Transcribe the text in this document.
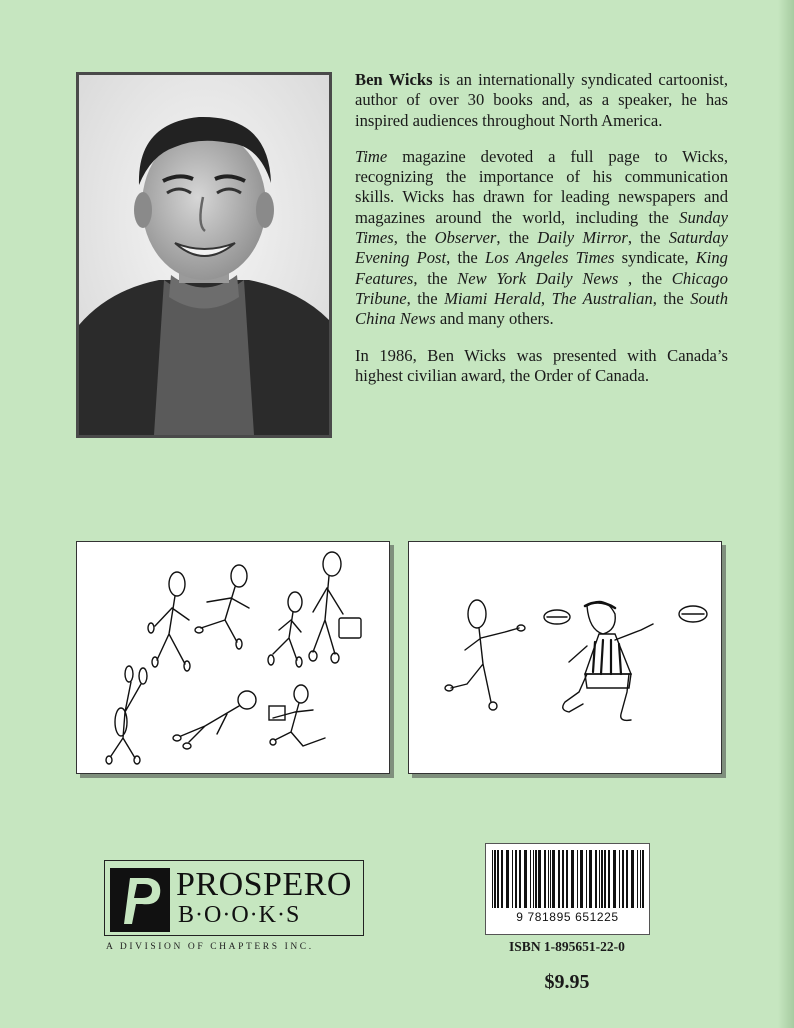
Ben Wicks is an internationally syndicated cartoonist, author of over 30 books and, as a speaker, he has inspired audiences throughout North America.

Time magazine devoted a full page to Wicks, recognizing the importance of his communication skills. Wicks has drawn for leading newspapers and magazines around the world, including the Sunday Times, the Observer, the Daily Mirror, the Saturday Evening Post, the Los Angeles Times syndicate, King Features, the New York Daily News , the Chicago Tribune, the Miami Herald, The Australian, the South China News and many others.

In 1986, Ben Wicks was presented with Canada’s highest civilian award, the Order of Canada.

PROSPERO
B·O·O·K·S
A DIVISION OF CHAPTERS INC.
9 781895 651225
ISBN 1-895651-22-0
$9.95
